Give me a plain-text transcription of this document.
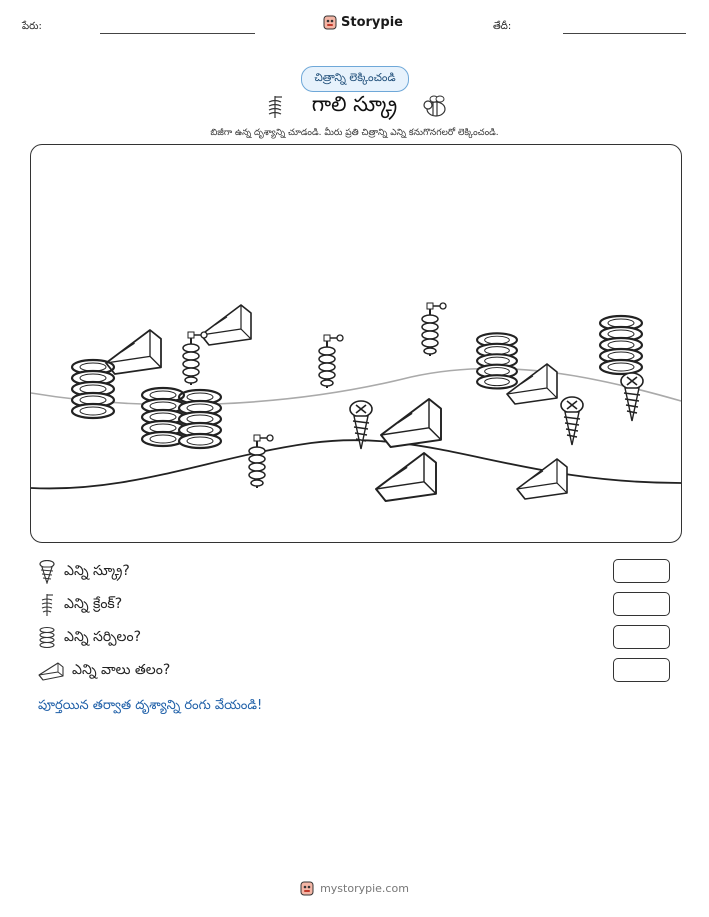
పేరు:	Storypie	తేదీ:
చిత్రాన్ని లెక్కించండి
గాలి స్క్రూ
బిజీగా ఉన్న దృశ్యాన్ని చూడండి. మీరు ప్రతి చిత్రాన్ని ఎన్ని కనుగొనగలరో లెక్కించండి.
ఎన్ని స్క్రూ?
ఎన్ని క్రేంక్?
ఎన్ని సర్పిలం?
ఎన్ని వాలు తలం?
పూర్తయిన తర్వాత దృశ్యాన్ని రంగు వేయండి!
mystorypie.com
